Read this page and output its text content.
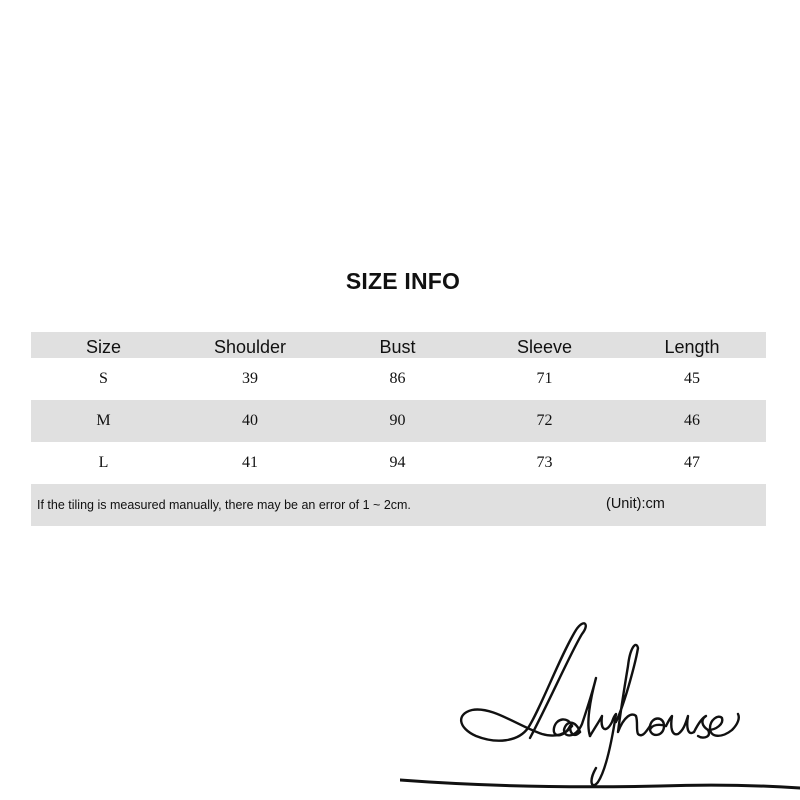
SIZE INFO
Size	Shoulder	Bust	Sleeve	Length
S	39	86	71	45
M	40	90	72	46
L	41	94	73	47
If the tiling is measured manually, there may be an error of 1 ~ 2cm.	(Unit):cm
